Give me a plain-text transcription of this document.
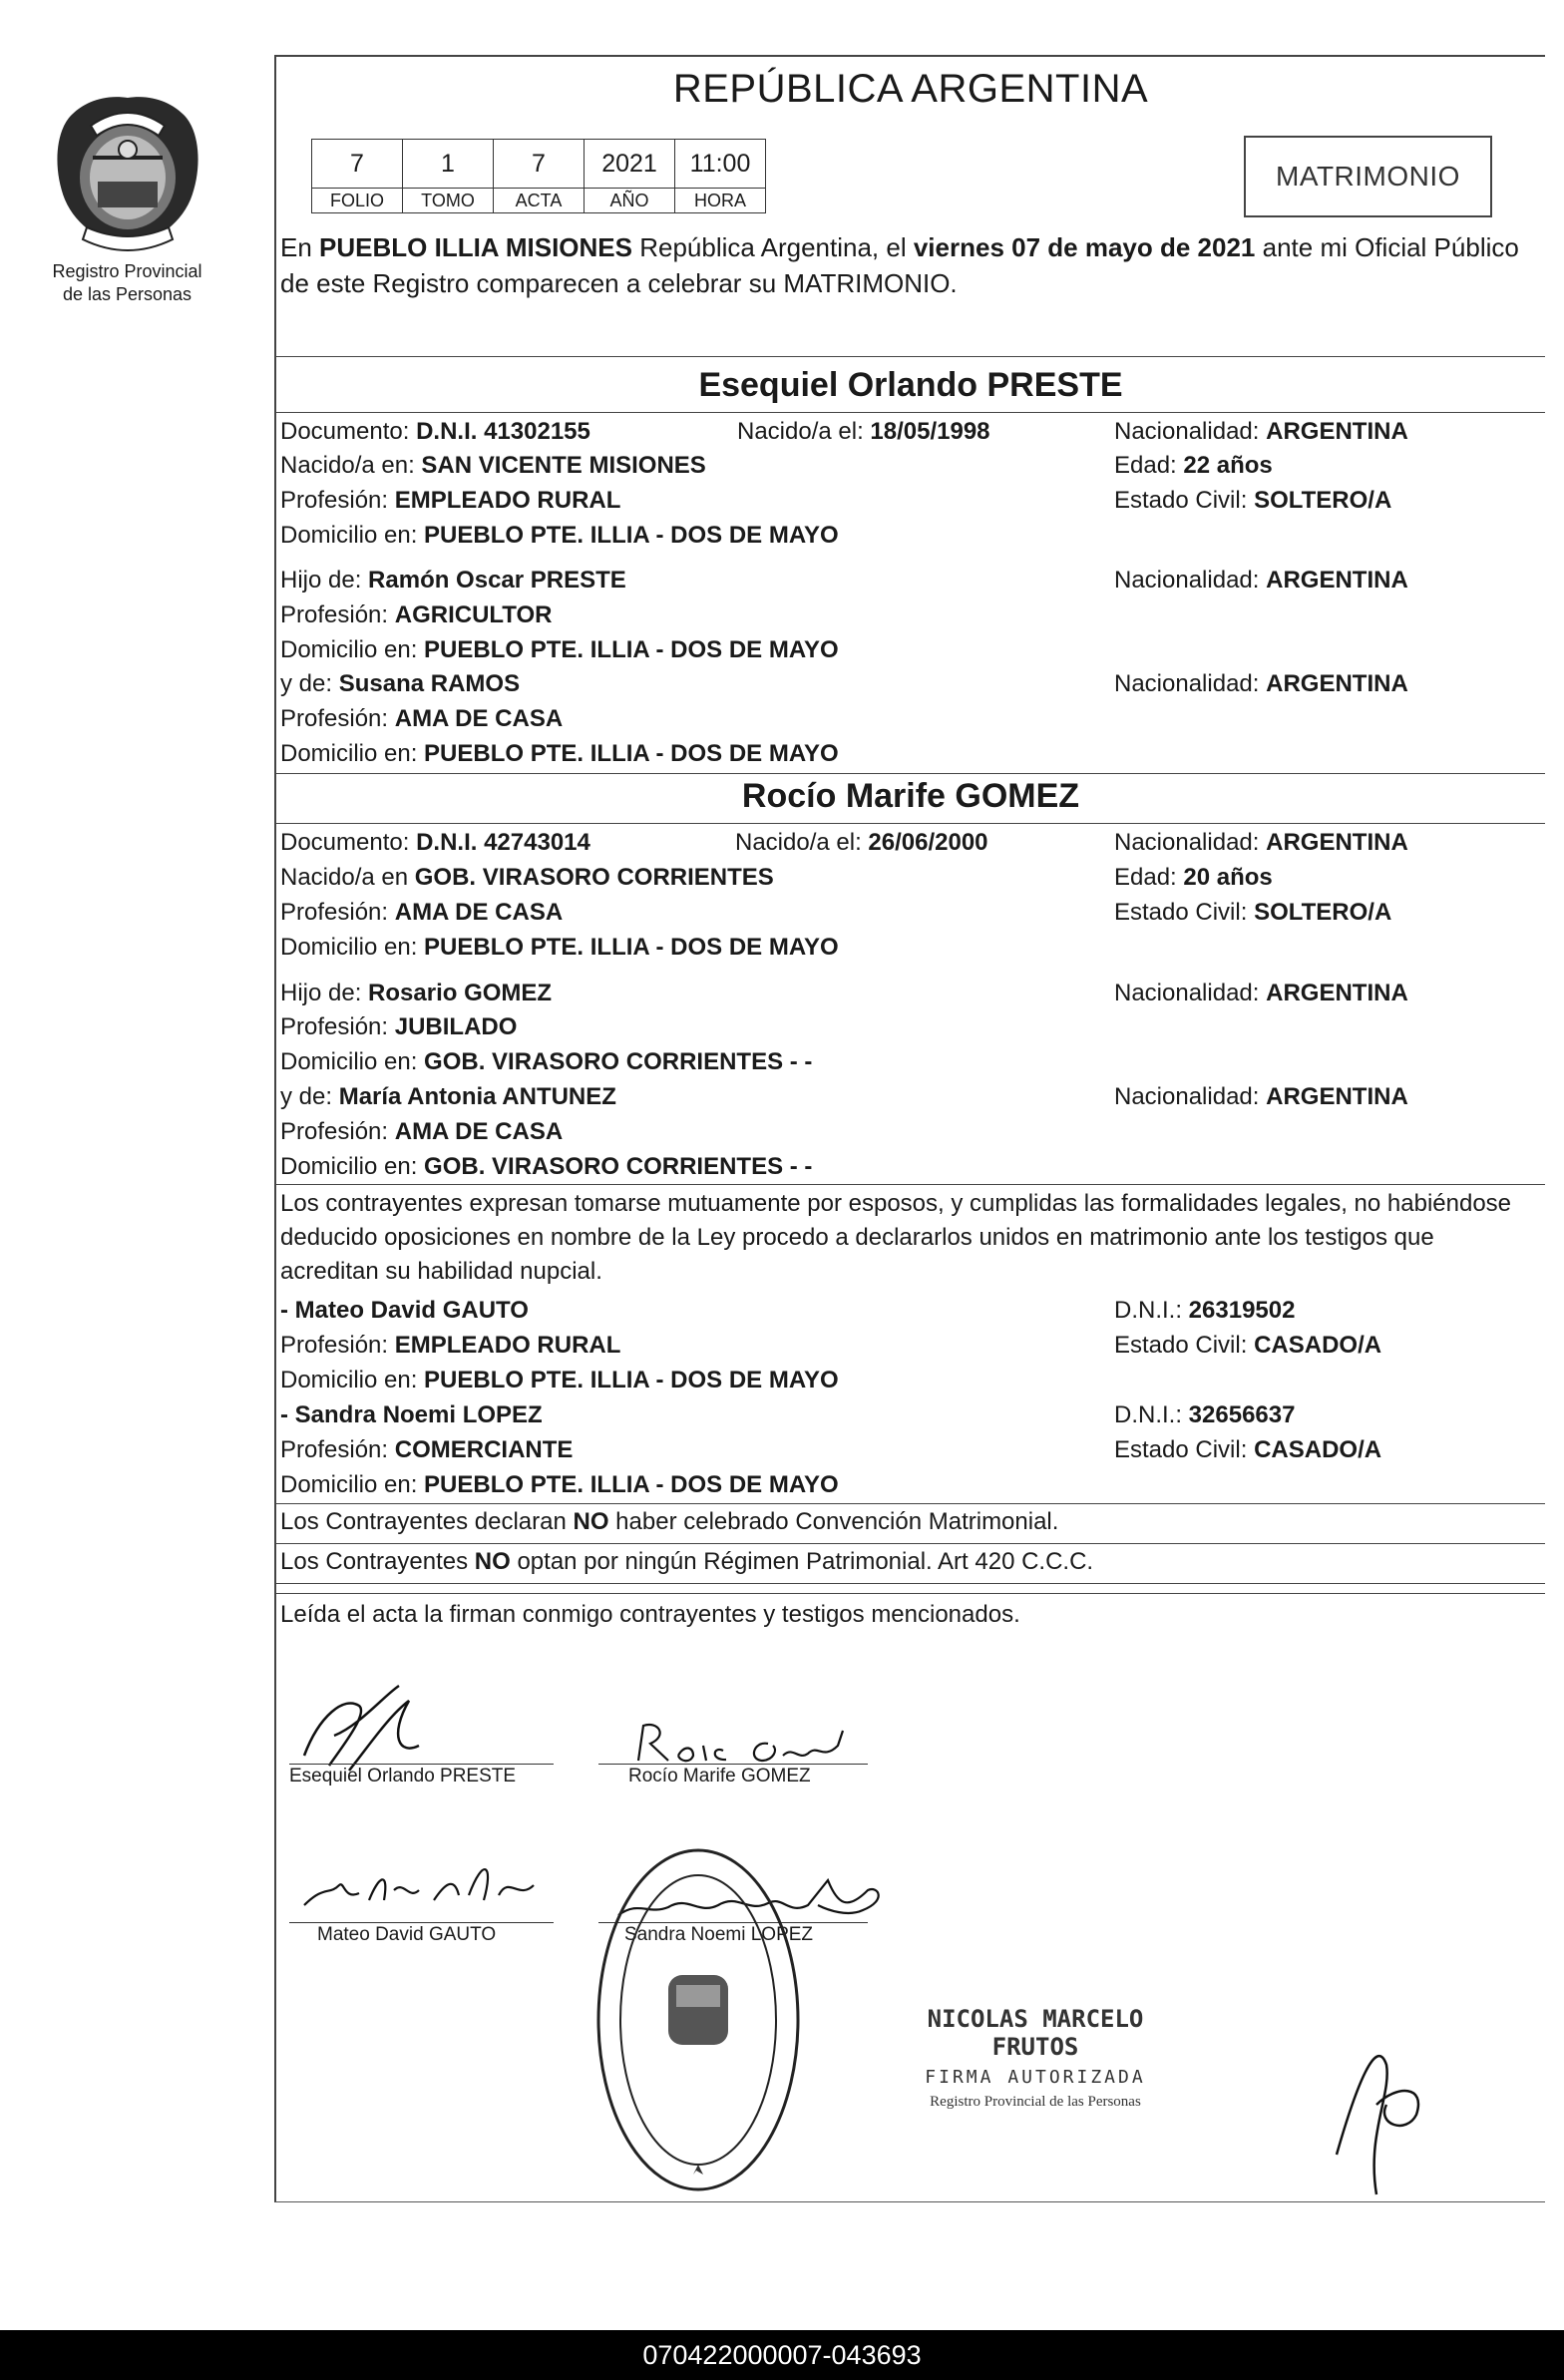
Registro Provincial
de las Personas
REPÚBLICA ARGENTINA
7	1	7	2021	11:00
FOLIO	TOMO	ACTA	AÑO	HORA
MATRIMONIO
En PUEBLO ILLIA MISIONES República Argentina, el viernes 07 de mayo de 2021 ante mi Oficial Público de este Registro comparecen a celebrar su MATRIMONIO.
Esequiel Orlando PRESTE
Documento: D.N.I. 41302155	Nacido/a el: 18/05/1998	Nacionalidad: ARGENTINA
Nacido/a en: SAN VICENTE MISIONES	Edad: 22 años
Profesión: EMPLEADO RURAL	Estado Civil: SOLTERO/A
Domicilio en: PUEBLO PTE. ILLIA - DOS DE MAYO
Hijo de: Ramón Oscar PRESTE	Nacionalidad: ARGENTINA
Profesión: AGRICULTOR
Domicilio en: PUEBLO PTE. ILLIA - DOS DE MAYO
y de: Susana RAMOS	Nacionalidad: ARGENTINA
Profesión: AMA DE CASA
Domicilio en: PUEBLO PTE. ILLIA - DOS DE MAYO
Rocío Marife GOMEZ
Documento: D.N.I. 42743014	Nacido/a el: 26/06/2000	Nacionalidad: ARGENTINA
Nacido/a en GOB. VIRASORO CORRIENTES	Edad: 20 años
Profesión: AMA DE CASA	Estado Civil: SOLTERO/A
Domicilio en: PUEBLO PTE. ILLIA - DOS DE MAYO
Hijo de: Rosario GOMEZ	Nacionalidad: ARGENTINA
Profesión: JUBILADO
Domicilio en: GOB. VIRASORO CORRIENTES - -
y de: María Antonia ANTUNEZ	Nacionalidad: ARGENTINA
Profesión: AMA DE CASA
Domicilio en: GOB. VIRASORO CORRIENTES - -
Los contrayentes expresan tomarse mutuamente por esposos, y cumplidas las formalidades legales, no habiéndose deducido oposiciones en nombre de la Ley procedo a declararlos unidos en matrimonio ante los testigos que acreditan su habilidad nupcial.
- Mateo David GAUTO	D.N.I.: 26319502
Profesión: EMPLEADO RURAL	Estado Civil: CASADO/A
Domicilio en: PUEBLO PTE. ILLIA - DOS DE MAYO
- Sandra Noemi LOPEZ	D.N.I.: 32656637
Profesión: COMERCIANTE	Estado Civil: CASADO/A
Domicilio en: PUEBLO PTE. ILLIA - DOS DE MAYO
Los Contrayentes declaran NO haber celebrado Convención Matrimonial.
Los Contrayentes NO optan por ningún Régimen Patrimonial. Art 420 C.C.C.
Leída el acta la firman conmigo contrayentes y testigos mencionados.
Esequiel Orlando PRESTE	Rocío Marife GOMEZ
Mateo David GAUTO	Sandra Noemi LOPEZ
NICOLAS MARCELO FRUTOS
FIRMA AUTORIZADA
Registro Provincial de las Personas
070422000007-043693
